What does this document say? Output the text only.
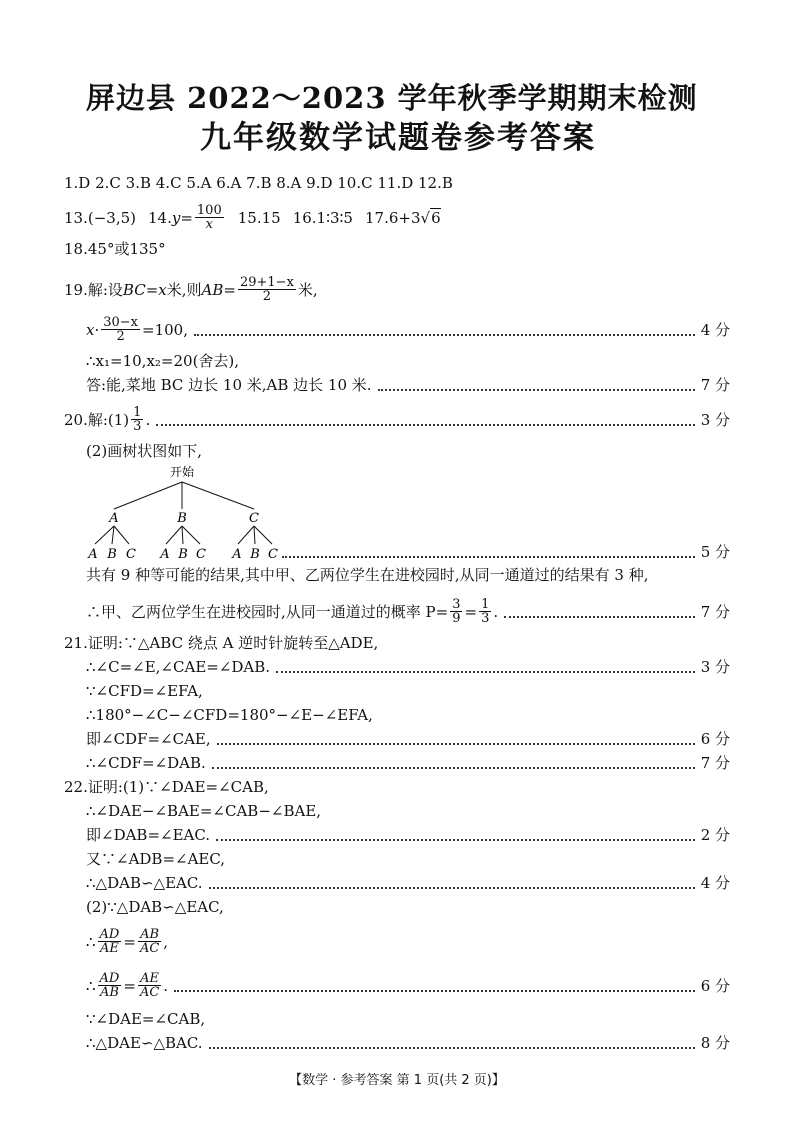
屏边县 2022～2023 学年秋季学期期末检测
九年级数学试题卷参考答案
1.D 2.C 3.B 4.C 5.A 6.A 7.B 8.A 9.D 10.C 11.D 12.B
13.(−3,5) 14. $y = \frac{100}{x} 15.15$ 16.1∶3∶5 17.6+3 √6
18.45°或135°
19.解:设 BC = x 米,则 AB = $\frac{29+1-x}{2}$ 米,
$x \cdot \frac{30-x}{2} =100$,	4 分
∴x₁=10,x₂=20(舍去),
答:能,菜地 BC 边长 10 米,AB 边长 10 米.	7 分
20.解:(1) $\frac{1}{3}$ .	3 分
(2)画树状图如下,
开始
A	B	C
A B C A B C A B C	5 分
共有 9 种等可能的结果,其中甲、乙两位学生在进校园时,从同一通道过的结果有 3 种,
∴甲、乙两位学生在进校园时,从同一通道过的概率 $P= \frac{3}{9} = \frac{1}{3}$ .	7 分
21.证明:∵△ABC 绕点 A 逆时针旋转至△ADE,
∴∠C=∠E,∠CAE=∠DAB.	3 分
∵∠CFD=∠EFA,
∴180°−∠C−∠CFD=180°−∠E−∠EFA,
即∠CDF=∠CAE,	6 分
∴∠CDF=∠DAB.	7 分
22.证明:(1)∵∠DAE=∠CAB,
∴∠DAE−∠BAE=∠CAB−∠BAE,
即∠DAB=∠EAC.	2 分
又∵∠ADB=∠AEC,
∴△DAB∽△EAC.	4 分
(2)∵△DAB∽△EAC,
∴ $\frac{AD}{AE} = \frac{AB}{AC}$ ,
∴ $\frac{AD}{AB} = \frac{AE}{AC}$ .	6 分
∵∠DAE=∠CAB,
∴△DAE∽△BAC.	8 分
【数学 · 参考答案 第 1 页(共 2 页)】
